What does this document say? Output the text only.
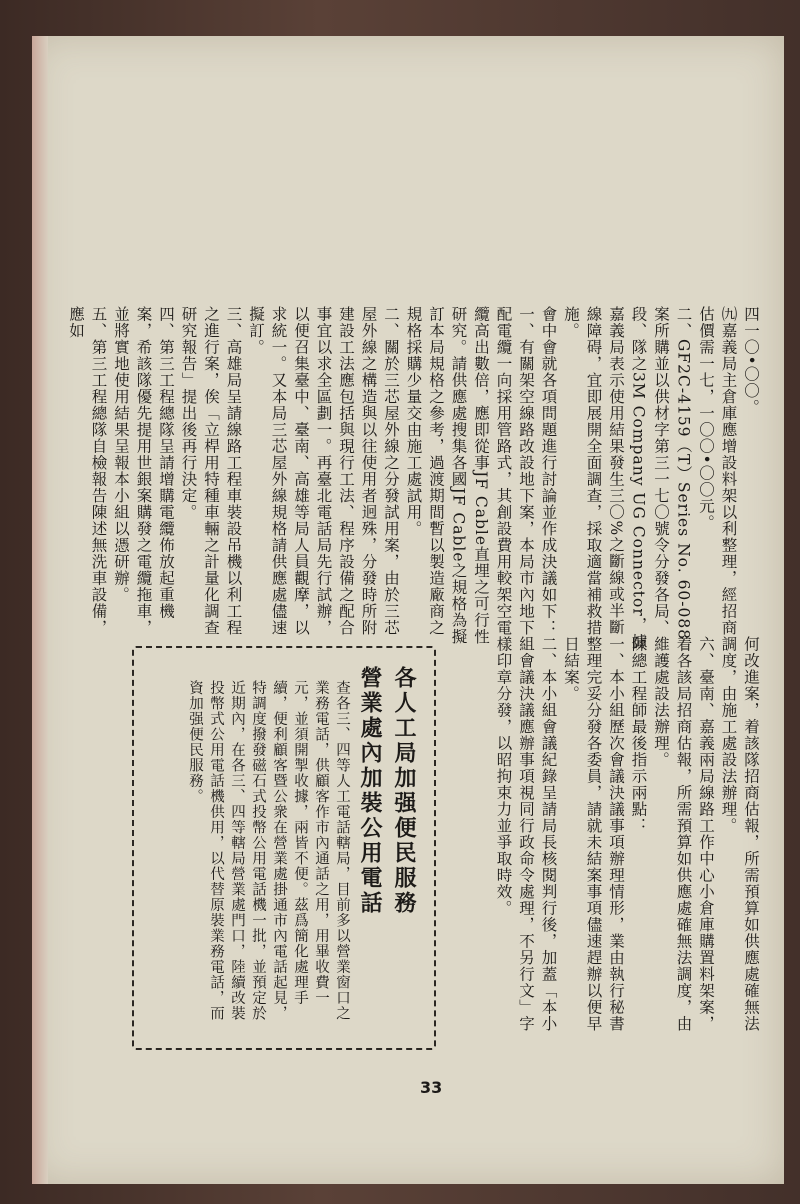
四一〇•〇〇。

㈨嘉義局主倉庫應增設料架以利整理，經招商估價需一七，一〇〇•〇〇元。

二、GF2C-4159（T）Series No. 60-088案所購並以供材字第三一七〇號令分發各局、段、隊之3M Company UG Connector，據嘉義局表示使用結果發生三〇%之斷線或半斷線障碍，宜即展開全面調查，採取適當補救措施。

會中會就各項問題進行討論並作成決議如下：

一、有關架空線路改設地下案，本局市內地下配電纜一向採用管路式，其創設費用較架空電纜高出數倍，應即從事JF Cable直埋之可行性研究。請供應處搜集各國JF Cable之規格為擬訂本局規格之參考，過渡期間暫以製造廠商之規格採購少量交由施工處試用。

二、關於三芯屋外線之分發試用案，由於三芯屋外線之構造與以往使用者迥殊，分發時所附建設工法應包括與現行工法、程序設備之配合事宜以求全區劃一。再臺北電話局先行試辦，以便召集臺中、臺南、高雄等局人員觀摩，以求統一。又本局三芯屋外線規格請供應處儘速擬訂。

三、高雄局呈請線路工程車裝設吊機以利工程之進行案，俟「立桿用特種車輛之計量化調查研究報告」提出後再行決定。

四、第三工程總隊呈請增購電纜佈放起重機案，希該隊優先提用世銀案購發之電纜拖車，並將實地使用結果呈報本小組以憑研辦。

五、第三工程總隊自檢報告陳述無洗車設備，應如

何改進案，着該隊招商估報，所需預算如供應處確無法調度，由施工處設法辦理。

六、臺南、嘉義兩局線路工作中心小倉庫購置料架案，着各該局招商估報，所需預算如供應處確無法調度，由維護處設法辦理。

陳總工程師最後指示兩點：

一、本小組歷次會議決議事項辦理情形，業由執行秘書整理完妥分發各委員，請就未結案事項儘速趕辦以便早日結案。

二、本小組會議紀錄呈請局長核閱判行後，加蓋「本小組會議決議應辦事項視同行政命令處理，不另行文」字樣印章分發，以昭拘束力並爭取時效。

各人工局加强便民服務

營業處內加裝公用電話

查各三、四等人工電話轄局，目前多以營業窗口之業務電話，供顧客作市內通話之用，用畢收費一元，並須開掣收據，兩皆不便。茲爲簡化處理手續，便利顧客暨公衆在營業處掛通市內電話起見，特調度撥發磁石式投幣公用電話機一批，並預定於近期內，在各三、四等轄局營業處門口，陸續改裝投幣式公用電話機供用，以代替原裝業務電話，而資加强便民服務。

33
